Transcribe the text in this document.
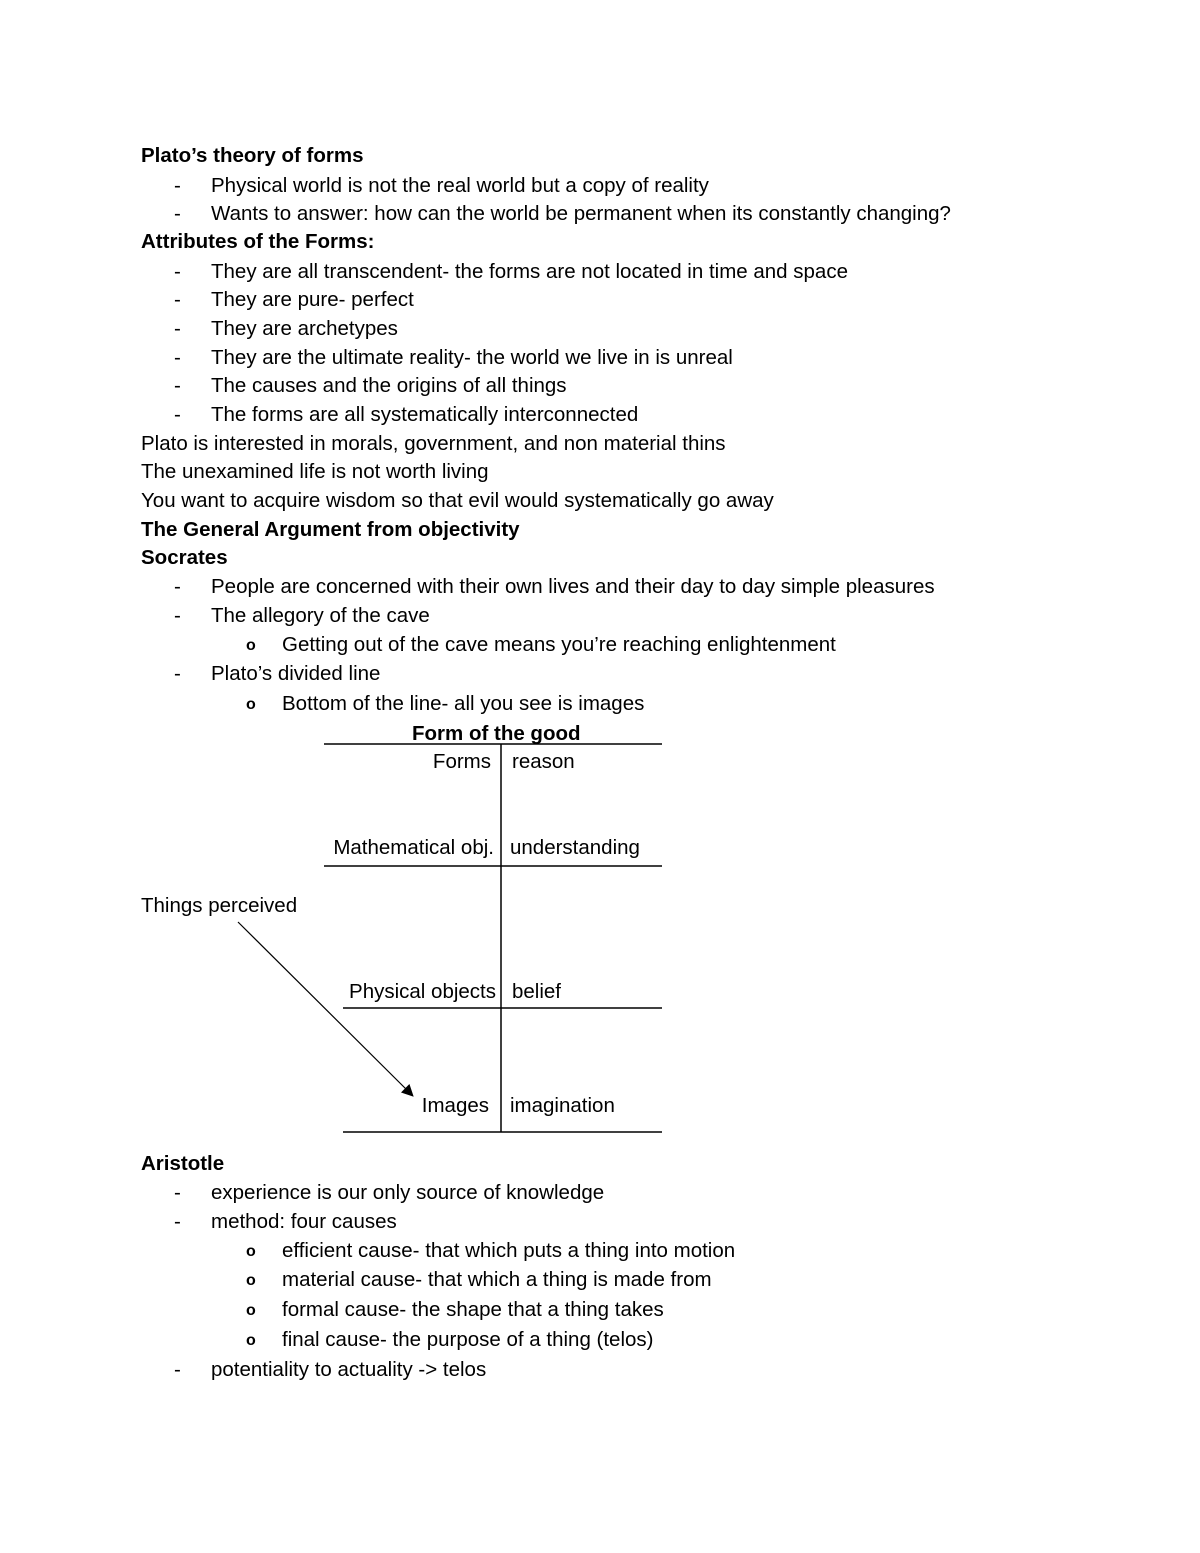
Plato’s theory of forms
- Physical world is not the real world but a copy of reality
- Wants to answer: how can the world be permanent when its constantly changing?
Attributes of the Forms:
- They are all transcendent- the forms are not located in time and space
- They are pure- perfect
- They are archetypes
- They are the ultimate reality- the world we live in is unreal
- The causes and the origins of all things
- The forms are all systematically interconnected
Plato is interested in morals, government, and non material thins
The unexamined life is not worth living
You want to acquire wisdom so that evil would systematically go away
The General Argument from objectivity
Socrates
- People are concerned with their own lives and their day to day simple pleasures
- The allegory of the cave
o Getting out of the cave means you’re reaching enlightenment
- Plato’s divided line
o Bottom of the line- all you see is images
Form of the good
Forms reason
Mathematical obj. understanding
Things perceived
Physical objects belief
Images imagination
Aristotle
- experience is our only source of knowledge
- method: four causes
o efficient cause- that which puts a thing into motion
o material cause- that which a thing is made from
o formal cause- the shape that a thing takes
o final cause- the purpose of a thing (telos)
- potentiality to actuality -> telos
